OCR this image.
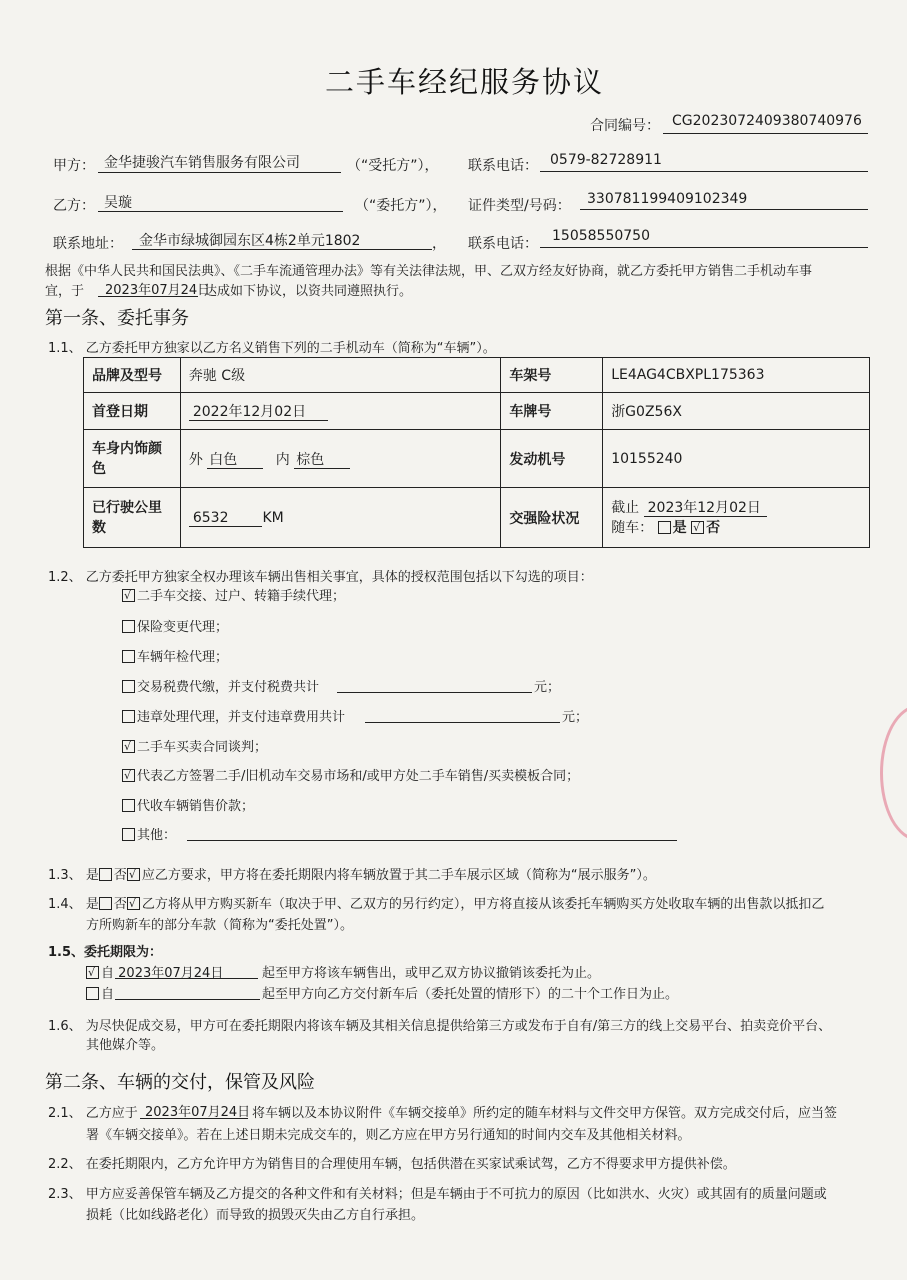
二手车经纪服务协议
合同编号： CG2023072409380740976
甲方： 金华捷骏汽车销售服务有限公司	（“受托方”）， 联系电话： 0579-82728911
乙方： 吴璇	（“委托方”）， 证件类型/号码： 330781199409102349
联系地址： 金华市绿城御园东区4栋2单元1802	， 联系电话： 15058550750
根据《中华人民共和国民法典》、《二手车流通管理办法》等有关法律法规，甲、乙双方经友好协商，就乙方委托甲方销售二手机动车事
宜，于 2023年07月24日
达成如下协议，以资共同遵照执行。
第一条、委托事务
1.1、 乙方委托甲方独家以乙方名义销售下列的二手机动车（简称为“车辆”）。
品牌及型号	奔驰 C级	车架号	LE4AG4CBXPL175363
首登日期	2022年12月02日	车牌号	浙G0Z56X
车身内饰颜色	外 白色 内 棕色	发动机号	10155240
已行驶公里数	6532 KM	交强险状况	截止 2023年12月02日
随车： 是 √ 否
1.2、 乙方委托甲方独家全权办理该车辆出售相关事宜，具体的授权范围包括以下勾选的项目：
√二手车交接、过户、转籍手续代理；
保险变更代理；
车辆年检代理；
交易税费代缴，并支付税费共计	元；
违章处理代理，并支付违章费用共计	元；
√二手车买卖合同谈判；
√代表乙方签署二手/旧机动车交易市场和/或甲方处二手车销售/买卖模板合同；
代收车辆销售价款；
其他：
1.3、 是 否 √ 应乙方要求，甲方将在委托期限内将车辆放置于其二手车展示区域（简称为“展示服务”）。
1.4、 是 否 √ 乙方将从甲方购买新车（取决于甲、乙双方的另行约定），甲方将直接从该委托车辆购买方处收取车辆的出售款以抵扣乙
方所购新车的部分车款（简称为“委托处置”）。
1.5、委托期限为：
√自 2023年07月24日	起至甲方将该车辆售出，或甲乙双方协议撤销该委托为止。
自	起至甲方向乙方交付新车后（委托处置的情形下）的二十个工作日为止。
1.6、 为尽快促成交易，甲方可在委托期限内将该车辆及其相关信息提供给第三方或发布于自有/第三方的线上交易平台、拍卖竞价平台、
其他媒介等。
第二条、车辆的交付，保管及风险
2.1、 乙方应于 2023年07月24日 将车辆以及本协议附件《车辆交接单》所约定的随车材料与文件交甲方保管。双方完成交付后，应当签
署《车辆交接单》。若在上述日期未完成交车的，则乙方应在甲方另行通知的时间内交车及其他相关材料。
2.2、 在委托期限内，乙方允许甲方为销售目的合理使用车辆，包括供潜在买家试乘试驾，乙方不得要求甲方提供补偿。
2.3、 甲方应妥善保管车辆及乙方提交的各种文件和有关材料；但是车辆由于不可抗力的原因（比如洪水、火灾）或其固有的质量问题或
损耗（比如线路老化）而导致的损毁灭失由乙方自行承担。
